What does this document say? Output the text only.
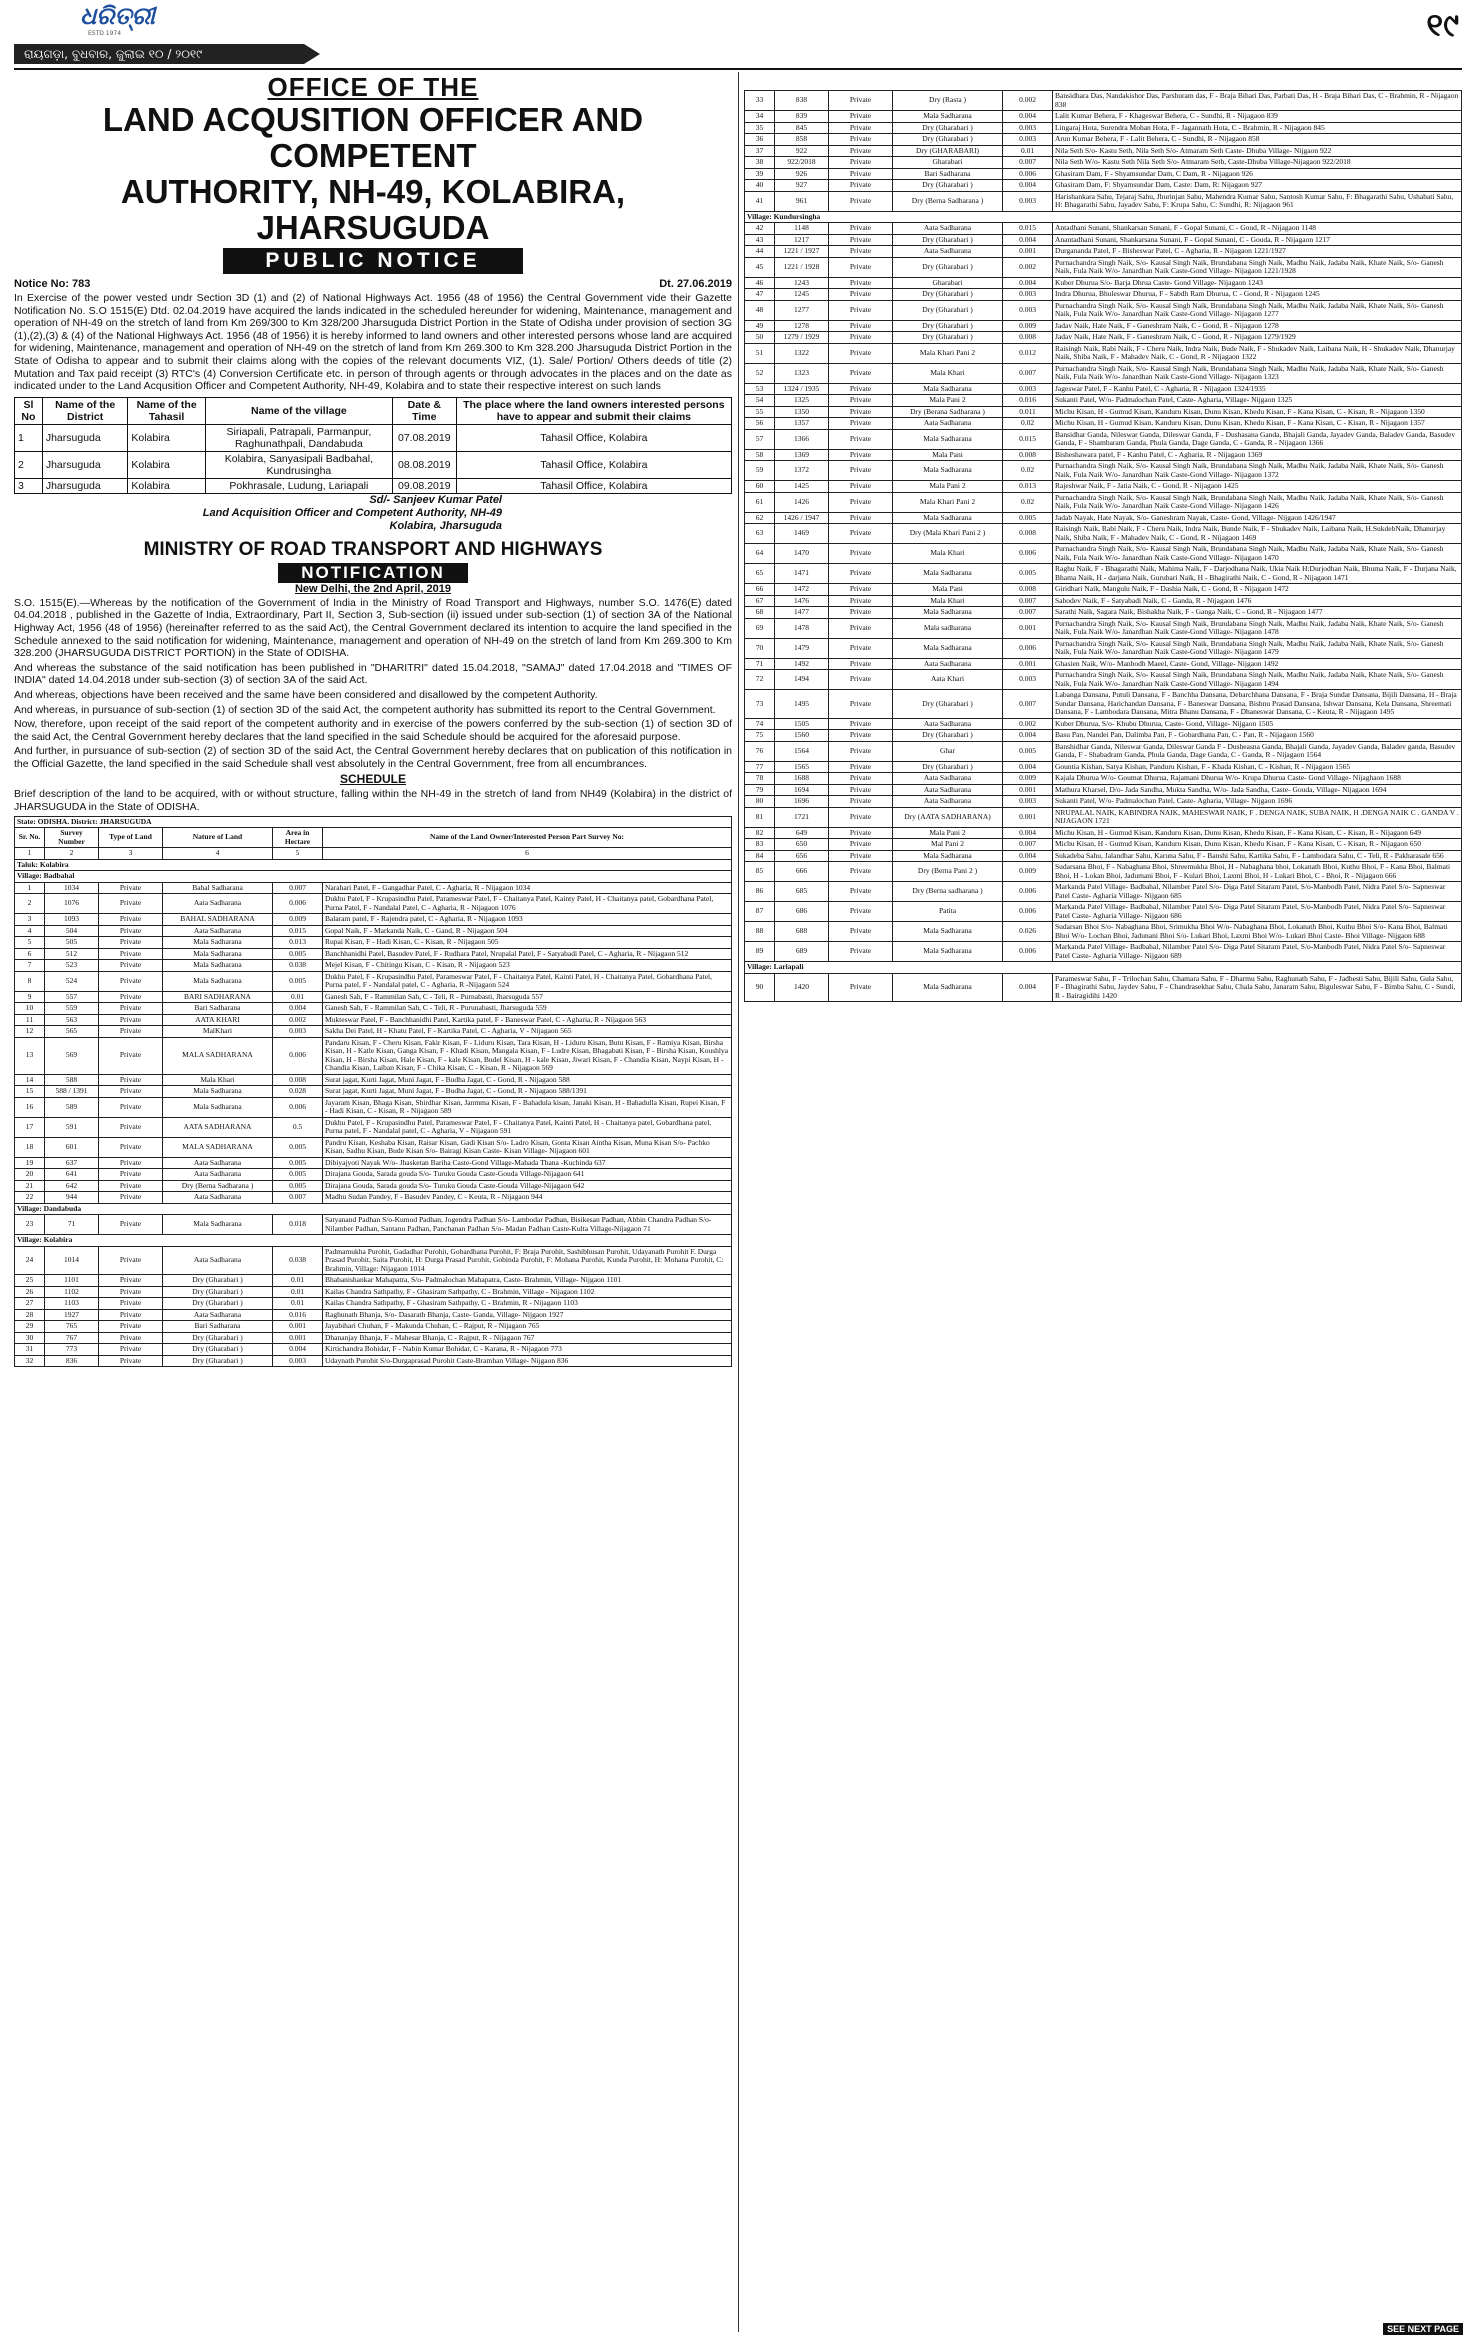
ଧରିତ୍ରୀ
ESTD 1974	୧୯
ରାୟଗଡ଼ା, ବୁଧବାର, ଜୁଲାଇ ୧୦ / ୨୦୧୯
OFFICE OF THE
LAND ACQUSITION OFFICER AND COMPETENT
AUTHORITY, NH-49, KOLABIRA, JHARSUGUDA
PUBLIC NOTICE
Notice No: 783	Dt. 27.06.2019
In Exercise of the power vested undr Section 3D (1) and (2) of National Highways Act. 1956 (48 of 1956) the Central Government vide their Gazette Notification No. S.O 1515(E) Dtd. 02.04.2019 have acquired the lands indicated in the scheduled hereunder for widening, Maintenance, management and operation of NH-49 on the stretch of land from Km 269/300 to Km 328/200 Jharsuguda District Portion in the State of Odisha under provision of section 3G (1),(2),(3) & (4) of the National Highways Act. 1956 (48 of 1956) it is hereby informed to land owners and other interested persons whose land are acquired for widening, Maintenance, management and operation of NH-49 on the stretch of land from Km 269.300 to Km 328.200 Jharsuguda District Portion in the State of Odisha to appear and to submit their claims along with the copies of the relevant documents VIZ, (1). Sale/ Portion/ Others deeds of title (2) Mutation and Tax paid receipt (3) RTC's (4) Conversion Certificate etc. in person of through agents or through advocates in the places and on the date as indicated under to the Land Acqusition Officer and Competent Authority, NH-49, Kolabira and to state their respective interest on such lands
Sl No	Name of the District	Name of the Tahasil	Name of the village	Date & Time	The place where the land owners interested persons have to appear and submit their claims
1	Jharsuguda	Kolabira	Siriapali, Patrapali, Parmanpur, Raghunathpali, Dandabuda	07.08.2019	Tahasil Office, Kolabira
2	Jharsuguda	Kolabira	Kolabira, Sanyasipali Badbahal, Kundrusingha	08.08.2019	Tahasil Office, Kolabira
3	Jharsuguda	Kolabira	Pokhrasale, Ludung, Lariapali	09.08.2019	Tahasil Office, Kolabira
Sd/- Sanjeev Kumar Patel
Land Acquisition Officer and Competent Authority, NH-49
Kolabira, Jharsuguda
MINISTRY OF ROAD TRANSPORT AND HIGHWAYS
NOTIFICATION
New Delhi, the 2nd April, 2019
S.O. 1515(E).—Whereas by the notification of the Government of India in the Ministry of Road Transport and Highways, number S.O. 1476(E) dated 04.04.2018 , published in the Gazette of India, Extraordinary, Part II, Section 3, Sub-section (ii) issued under sub-section (1) of section 3A of the National Highway Act, 1956 (48 of 1956) (hereinafter referred to as the said Act), the Central Government declared its intention to acquire the land specified in the Schedule annexed to the said notification for widening, Maintenance, management and operation of NH-49 on the stretch of land from Km 269.300 to Km 328.200 (JHARSUGUDA DISTRICT PORTION) in the State of ODISHA.
And whereas the substance of the said notification has been published in "DHARITRI" dated 15.04.2018, "SAMAJ" dated 17.04.2018 and "TIMES OF INDIA" dated 14.04.2018 under sub-section (3) of section 3A of the said Act.
And whereas, objections have been received and the same have been considered and disallowed by the competent Authority.
And whereas, in pursuance of sub-section (1) of section 3D of the said Act, the competent authority has submitted its report to the Central Government.
Now, therefore, upon receipt of the said report of the competent authority and in exercise of the powers conferred by the sub-section (1) of section 3D of the said Act, the Central Government hereby declares that the land specified in the said Schedule should be acquired for the aforesaid purpose.
And further, in pursuance of sub-section (2) of section 3D of the said Act, the Central Government hereby declares that on publication of this notification in the Official Gazette, the land specified in the said Schedule shall vest absolutely in the Central Government, free from all encumbrances.
SCHEDULE
Brief description of the land to be acquired, with or without structure, falling within the NH-49 in the stretch of land from NH49 (Kolabira) in the district of JHARSUGUDA in the State of ODISHA.
State: ODISHA. District: JHARSUGUDA					
Sr. No.	Survey Number	Type of Land	Nature of Land	Area in Hectare	Name of the Land Owner/Interested Person Part Survey No:
1	2	3	4	5	6
Taluk: Kolabira					
Village: Badbahal					
1	1034	Private	Bahal Sadharana	0.007	Narahari Patel, F - Gangadhar Patel, C - Agharia, R - Nijagaon 1034
2	1076	Private	Aata Sadharana	0.006	Dukhu Patel, F - Krupasindhu Patel, Parameswar Patel, F - Chaitanya Patel, Kainty Patel, H - Chaitanya patel, Gobardhana Patel, Purna Patel, F - Nandalal Patel, C - Agharia, R - Nijagaon 1076
3	1093	Private	BAHAL SADHARANA	0.009	Balaram patel, F - Rajendra patel, C - Agharia, R - Nijagaon 1093
4	504	Private	Aata Sadharana	0.015	Gopal Naik, F - Markanda Naik, C - Gand, R - Nijagaon 504
5	505	Private	Mala Sadharana	0.013	Rupai Kisan, F - Hadi Kisan, C - Kisan, R - Nijagaon 505
6	512	Private	Mala Sadharana	0.005	Banchhanidhi Patel, Basudev Patel, F - Rudhara Patel, Nrupalal Patel, F - Satyabadi Patel, C - Agharia, R - Nijagaon 512
7	523	Private	Mala Sadharana	0.038	Mejel Kisan, F - Chitingu Kisan, C - Kisan, R - Nijagaon 523
8	524	Private	Mala Sadharana	0.005	Dukhu Patel, F - Krupasindhu Patel, Parameswar Patel, F - Chaitanya Patel, Kainti Patel, H - Chaitanya Patel, Gobardhana Patel, Purna patel, F - Nandalal patel, C - Agharia, R -Nijagaon 524
9	557	Private	BARI SADHARANA	0.01	Ganesh Sah, F - Rammilan Sah, C - Teli, R - Purnabasti, Jharsuguda 557
10	559	Private	Bari Sadharana	0.004	Ganesh Sah, F - Rammilan Sah, C - Teli, R - Purunabasti, Jharsuguda 559
11	563	Private	AATA KHARI	0.002	Mukteswar Patel, F - Banchhanidhi Patel, Kartika patel, F - Baneswar Patel, C - Agharia, R - Nijagaon 563
12	565	Private	MalKhari	0.003	Sakha Dei Patel, H - Khatu Patel, F - Kartika Patel, C - Agharia, V - Nijagaon 565
13	569	Private	MALA SADHARANA	0.006	Pandaru Kisan, F - Cheru Kisan, Fakir Kisan, F - Liduru Kisan, Tara Kisan, H - Liduru Kisan, Butu Kisan, F - Ramiya Kisan, Birsha Kisan, H - Katle Kisan, Ganga Kisan, F - Khadi Kisan, Mangala Kisan, F - Ludre Kisan, Bhagabati Kisan, F - Birsha Kisan, Koushlya Kisan, H - Birsha Kisan, Hale Kisan, F - kale Kisan, Budel Kisan, H - kale Kisan, Jiwari Kisan, F - Chandia Kisan, Naypi Kisan, H - Chandia Kisan, Laiban Kisan, F - Chika Kisan, C - Kisan, R - Nijagaon 569
14	588	Private	Mala Khari	0.008	Surat jagat, Kurti Jagat, Muni Jagat, F - Budha Jagat, C - Gond, R - Nijagaon 588
15	588 / 1391	Private	Mala Sadharana	0.028	Surat jagat, Kurti Jagat, Muni Jagat, F - Budha Jagat, C - Gond, R - Nijagaon 588/1391
16	589	Private	Mala Sadharana	0.006	Jayaram Kisan, Bhaga Kisan, Shirdhar Kisan, Janmma Kisan, F - Bahadula kisan, Janaki Kisan, H - Bahadulla Kisan, Rupei Kisan, F - Hadi Kisan, C - Kisan, R - Nijagaon 589
17	591	Private	AATA SADHARANA	0.5	Dukhu Patel, F - Krupasindhu Patel, Parameswar Patel, F - Chaitanya Patel, Kainti Patel, H - Chaitanya patel, Gobardhana patel, Purna patel, F - Nandalal patel, C - Agharia, V - Nijagaon 591
18	601	Private	MALA SADHARANA	0.005	Pandru Kisan, Keshaba Kisan, Raisar Kisan, Gadi Kisan S/o- Ladro Kisan, Gonta Kisan Aintha Kisan, Muna Kisan S/o- Pachko Kisan, Sadhu Kisan, Bude Kisan S/o- Bairagi Kisan Caste- Kisan Village- Nijagaon 601
19	637	Private	Aata Sadharana	0.005	Dibiyajyoti Nayak W/o- Jhasketan Bariha Caste-Gond Village-Mahada Thana -Kuchinda 637
20	641	Private	Aata Sadharana	0.005	Dirajana Gouda, Sarada gouda S/o- Turuku Gouda Caste-Gouda Village-Nijagaon 641
21	642	Private	Dry (Berna Sadharana )	0.005	Dirajana Gouda, Sarada gouda S/o- Turuku Gouda Caste-Gouda Village-Nijagaon 642
22	944	Private	Aata Sadharana	0.007	Madhu Sudan Pandey, F - Basudev Pandey, C - Keuta, R - Nijagaon 944
Village: Dandabuda					
23	71	Private	Mala Sadharana	0.018	Satyanand Padhan S/o-Kumod Padhan, Jogendra Padhan S/o- Lambodar Padhan, Bisikesan Padhan, Abhin Chandra Padhan S/o- Nilamber Padhan, Santanu Padhan, Panchanan Padhan S/o- Madan Padhan Caste-Kulta Village-Nijagaon 71
Village: Kolabira					
24	1014	Private	Aata Sadharana	0.038	Padmamukha Purohit, Gadadhar Purohit, Gobardhana Purohit, F: Braja Purohit, Sashibhusan Purohit, Udayanath Purohit F. Durga Prasad Purohit, Saita Purohit, H: Durga Prasad Purohit, Gobinda Purohit, F: Mohana Purohit, Kunda Purohit, H: Mohana Purohit, C: Brahmin, Village: Nijagaon 1014
25	1101	Private	Dry (Gharabari )	0.01	Bhabanishankar Mahapatra, S/o- Padmalochan Mahapatra, Caste- Brahmin, Village- Nijgaon 1101
26	1102	Private	Dry (Gharabari )	0.01	Kailas Chandra Sathpathy, F - Ghasiram Sathpathy, C - Brahmin, Village - Nijagaon 1102
27	1103	Private	Dry (Gharabari )	0.01	Kailas Chandra Sathpathy, F - Ghasiram Sathpathy, C - Brahmin, R - Nijagaon 1103
28	1927	Private	Aata Sadharana	0.016	Raghunath Bhanja, S/o- Dasarath Bhanja, Caste- Ganda, Village- Nijgaon 1927
29	765	Private	Bari Sadharana	0.001	Jayabihari Chuhan, F - Makunda Chuhan, C - Rajput, R - Nijagaon 765
30	767	Private	Dry (Gharabari )	0.001	Dhananjay Bhanja, F - Mahesar Bhanja, C - Rajput, R - Nijagaon 767
31	773	Private	Dry (Gharabari )	0.004	Kirtichandra Bohidar, F - Nabin Kumar Bohidar, C - Karana, R - Nijagaon 773
32	836	Private	Dry (Gharabari )	0.003	Udaynath Purohit S/o-Durgaprasad Purohit Caste-Bramhan Village- Nijgaon 836
33	838	Private	Dry (Rasta )	0.002	Bansidhara Das, Nandakishor Das, Parshuram das, F - Braja Bihari Das, Parbati Das, H - Braja Bihari Das, C - Brahmin, R - Nijagaon 838
34	839	Private	Mala Sadharana	0.004	Lalit Kumar Behera, F - Khageswar Behera, C - Sundhi, R - Nijagaon 839
35	845	Private	Dry (Gharabari )	0.003	Lingaraj Hota, Surendra Mohan Hota, F - Jagannath Hota, C - Brahmin, R - Nijagaon 845
36	858	Private	Dry (Gharabari )	0.003	Arun Kumar Behera, F - Lalit Behera, C - Sundhi, R - Nijagaon 858
37	922	Private	Dry (GHARABARI)	0.01	Nila Seth S/o- Kastu Seth, Nila Seth S/o- Atmaram Seth Caste- Dhuba Village- Nijgaon 922
38	922/2018	Private	Gharabari	0.007	Nila Seth W/o- Kastu Seth Nila Seth S/o- Atmaram Seth, Caste-Dhuba Village-Nijagaon 922/2018
39	926	Private	Bari Sadharana	0.006	Ghasiram Dam, F - Shyamsundar Dam, C Dam, R - Nijagaon 926
40	927	Private	Dry (Gharabari )	0.004	Ghasiram Dam, F: Shyamsundar Dam, Caste: Dam, R: Nijagaon 927
41	961	Private	Dry (Berna Sadharana )	0.003	Harishankara Sahu, Tejaraj Sahu, Jhurinjan Sahu, Mahendra Kumar Sahu, Santosh Kumar Sahu, F: Bhagarathi Sahu, Ushabati Sahu, H: Bhagarathi Sahu, Jayadev Sahu, F: Krupa Sahu, C: Sundhi, R: Nijagaon 961
Village: Kundursingha					
42	1148	Private	Aata Sadharana	0.015	Antadhani Sunani, Shankarsan Sunani, F - Gopal Sunani, C - Goud, R - Nijagaon 1148
43	1217	Private	Dry (Gharabari )	0.004	Anantadhani Sunani, Shankarsana Sunani, F - Gopal Sunani, C - Gouda, R - Nijagaon 1217
44	1221 / 1927	Private	Aata Sadharana	0.001	Durgananda Patel, F - Bisheswar Patel, C - Agharia, R - Nijagaon 1221/1927
45	1221 / 1928	Private	Dry (Gharabari )	0.002	Purnachandra Singh Naik, S/o- Kausal Singh Naik, Brundabana Singh Naik, Madhu Naik, Jadaba Naik, Khate Naik, S/o- Ganesh Naik, Fula Naik W/o- Janardhan Naik Caste-Gond Village- Nijagaon 1221/1928
46	1243	Private	Gharabari	0.004	Kuber Dhurua S/o- Barja Dhrua Caste- Gond Village- Nijagaon 1243
47	1245	Private	Dry (Gharabari )	0.003	Indra Dhurua, Bhuleswar Dhurua, F - Sabdh Ram Dhurua, C - Gond, R - Nijagaon 1245
48	1277	Private	Dry (Gharabari )	0.003	Purnachandra Singh Naik, S/o- Kausal Singh Naik, Brundabana Singh Naik, Madhu Naik, Jadaba Naik, Khate Naik, S/o- Ganesh Naik, Fula Naik W/o- Janardhan Naik Caste-Gond Village- Nijagaon 1277
49	1278	Private	Dry (Gharabari )	0.009	Jadav Naik, Hate Naik, F - Ganeshram Naik, C - Gond, R - Nijagaon 1278
50	1279 / 1929	Private	Dry (Gharabari )	0.008	Jadav Naik, Hate Naik, F - Ganeshram Naik, C - Gond, R - Nijagaon 1279/1929
51	1322	Private	Mala Khari Pani 2	0.012	Raisingh Naik, Rabi Naik, F - Cheru Naik, Indra Naik, Bude Naik, F - Shukadev Naik, Laibana Naik, H - Shukadev Naik, Dhanurjay Naik, Shiba Naik, F - Mahadev Naik, C - Gond, R - Nijagaon 1322
52	1323	Private	Mala Khari	0.007	Purnachandra Singh Naik, S/o- Kausal Singh Naik, Brundabana Singh Naik, Madhu Naik, Jadaba Naik, Khate Naik, S/o- Ganesh Naik, Fula Naik W/o- Janardhan Naik Caste-Gond Village- Nijagaon 1323
53	1324 / 1935	Private	Mala Sadharana	0.003	Jageswar Patel, F - Kanhu Patel, C - Agharia, R - Nijagaon 1324/1935
54	1325	Private	Mala Pani 2	0.016	Sukanti Patel, W/o- Padmalochan Patel, Caste- Agharia, Village- Nijgaon 1325
55	1350	Private	Dry (Berana Sadharana )	0.011	Michu Kisan, H - Gumud Kisan, Kanduru Kisan, Dunu Kisan, Khedu Kisan, F - Kana Kisan, C - Kisan, R - Nijagaon 1350
56	1357	Private	Aata Sadharana	0.02	Michu Kisan, H - Gumud Kisan, Kanduru Kisan, Dunu Kisan, Khedu Kisan, F - Kana Kisan, C - Kisan, R - Nijagaon 1357
57	1366	Private	Mala Sadharana	0.015	Bansidhar Ganda, Nileswar Ganda, Dileswar Ganda, F - Dushasana Ganda, Bhajali Ganda, Jayadev Ganda, Baladev Ganda, Basudev Ganda, F - Shambaram Ganda, Phula Ganda, Dage Ganda, C - Ganda, R - Nijagaon 1366
58	1369	Private	Mala Pani	0.008	Bisheshawara patel, F - Kanhu Patel, C - Agharia, R - Nijagaon 1369
59	1372	Private	Mala Sadharana	0.02	Purnachandra Singh Naik, S/o- Kausal Singh Naik, Brundabana Singh Naik, Madhu Naik, Jadaba Naik, Khate Naik, S/o- Ganesh Naik, Fula Naik W/o- Janardhan Naik Caste-Gond Village- Nijagaon 1372
60	1425	Private	Mala Pani 2	0.013	Rajeshwar Naik, F - Jatia Naik, C - Gond, R - Nijagaon 1425
61	1426	Private	Mala Khari Pani 2	0.02	Purnachandra Singh Naik, S/o- Kausal Singh Naik, Brundabana Singh Naik, Madhu Naik, Jadaba Naik, Khate Naik, S/o- Ganesh Naik, Fula Naik W/o- Janardhan Naik Caste-Gond Village- Nijagaon 1426
62	1426 / 1947	Private	Mala Sadharana	0.005	Jadab Nayak, Hate Nayak, S/o- Ganeshram Nayak, Caste- Gond, Village- Nijgaon 1426/1947
63	1469	Private	Dry (Mala Khari Pani 2 )	0.008	Raisingh Naik, Rabi Naik, F - Cheru Naik, Indra Naik, Bunde Naik, F - Shukadev Naik, Laibana Naik, H.SukdebNaik, Dhanurjay Naik, Shiba Naik, F - Mahadev Naik, C - Gond, R - Nijagaon 1469
64	1470	Private	Mala Khari	0.006	Purnachandra Singh Naik, S/o- Kausal Singh Naik, Brundabana Singh Naik, Madhu Naik, Jadaba Naik, Khate Naik, S/o- Ganesh Naik, Fula Naik W/o- Janardhan Naik Caste-Gond Village- Nijagaon 1470
65	1471	Private	Mala Sadharana	0.005	Raghu Naik, F - Bhagarathi Naik, Mahima Naik, F - Darjodhana Naik, Ukia Naik H:Durjodhan Naik, Bhuma Naik, F - Durjana Naik, Bhama Naik, H - darjana Naik, Gurubari Naik, H - Bhagirathi Naik, C - Gond, R - Nijagaon 1471
66	1472	Private	Mala Pani	0.008	Giridhari Naik, Mangulu Naik, F - Dashia Naik, C - Gond, R - Nijagaon 1472
67	1476	Private	Mala Khari	0.007	Sahodev Naik, F - Satyabadi Naik, C - Ganda, R - Nijagaon 1476
68	1477	Private	Mala Sadharana	0.007	Sarathi Naik, Sagara Naik, Bishakha Naik, F - Ganga Naik, C - Gond, R - Nijagaon 1477
69	1478	Private	Mala sadharana	0.001	Purnachandra Singh Naik, S/o- Kausal Singh Naik, Brundabana Singh Naik, Madhu Naik, Jadaba Naik, Khate Naik, S/o- Ganesh Naik, Fula Naik W/o- Janardhan Naik Caste-Gond Village- Nijagaon 1478
70	1479	Private	Mala Sadharana	0.006	Purnachandra Singh Naik, S/o- Kausal Singh Naik, Brundabana Singh Naik, Madhu Naik, Jadaba Naik, Khate Naik, S/o- Ganesh Naik, Fula Naik W/o- Janardhan Naik Caste-Gond Village- Nijagaon 1479
71	1492	Private	Aata Sadharana	0.001	Ghasien Naik, W/o- Manbodh Maeel, Caste- Gond, Village- Nijgaon 1492
72	1494	Private	Aata Khari	0.003	Purnachandra Singh Naik, S/o- Kausal Singh Naik, Brundabana Singh Naik, Madhu Naik, Jadaba Naik, Khate Naik, S/o- Ganesh Naik, Fula Naik W/o- Janardhan Naik Caste-Gond Village- Nijagaon 1494
73	1495	Private	Dry (Gharabari )	0.007	Labanga Dansana, Putuli Dansana, F - Banchha Dansana, Debarchhana Dansana, F - Braja Sundar Dansana, Bijili Dansana, H - Braja Sundar Dansana, Harichandan Dansana, F - Baneswar Dansana, Bishnu Prasad Dansana, Ishwar Dansana, Kela Dansana, Shreemati Dansana, F - Lambodara Dansana, Mitra Bhanu Dansana, F - Dhaneswar Dansana, C - Keuta, R - Nijagaon 1495
74	1505	Private	Aata Sadharana	0.002	Kuber Dhurua, S/o- Khubu Dhurua, Caste- Gond, Village- Nijgaon 1505
75	1560	Private	Dry (Gharabari )	0.004	Basu Pan, Nandei Pan, Dalimba Pan, F - Gobardhana Pan, C - Pan, R - Nijagaon 1560
76	1564	Private	Ghar	0.005	Banshidhar Ganda, Nileswar Ganda, Dileswar Ganda F - Dusheasna Ganda, Bhajali Ganda, Jayadev Ganda, Baladev ganda, Basudev Ganda, F - Shabadram Ganda, Phula Ganda, Dage Ganda, C - Ganda, R - Nijagaon 1564
77	1565	Private	Dry (Gharabari )	0.004	Gountia Kishan, Satya Kishan, Panduru Kishan, F - Khada Kishan, C - Kishan, R - Nijagaon 1565
78	1688	Private	Aata Sadharana	0.009	Kajala Dhurua W/o- Goumat Dhurua, Rajamani Dhurua W/o- Krupa Dhurua Caste- Gond Village- Nijaghaon 1688
79	1694	Private	Aata Sadharana	0.001	Mathura Kharsel, D/o- Jada Sandha, Mukta Sandha, W/o- Jada Sandha, Caste- Gouda, Village- Nijagaon 1694
80	1696	Private	Aata Sadharana	0.003	Sukanti Patel, W/o- Padmalochan Patel, Caste- Agharia, Village- Nijgaon 1696
81	1721	Private	Dry (AATA SADHARANA)	0.001	NRUPALAL NAIK, KABINDRA NAIK, MAHESWAR NAIK, F . DENGA NAIK, SUBA NAIK, H .DENGA NAIK C . GANDA V . NIJAGAON 1721
82	649	Private	Mala Pani 2	0.004	Michu Kisan, H - Gumud Kisan, Kanduru Kisan, Dunu Kisan, Khedu Kisan, F - Kana Kisan, C - Kisan, R - Nijagaon 649
83	650	Private	Mal Pani 2	0.007	Michu Kisan, H - Gumud Kisan, Kanduru Kisan, Dunu Kisan, Khedu Kisan, F - Kana Kisan, C - Kisan, R - Nijagaon 650
84	656	Private	Mala Sadharana	0.004	Sukadeba Sahu, Jalandhar Sahu, Karuna Sahu, F - Banshi Sahu, Kartika Sahu, F - Lambodara Sahu, C - Teli, R - Pakharasale 656
85	666	Private	Dry (Berna Pani 2 )	0.009	Sudarsana Bhoi, F - Nabaghana Bhoi, Shreemukha Bhoi, H - Nabaghana bhoi, Lokanath Bhoi, Kuthu Bhoi, F - Kana Bhoi, Balmati Bhoi, H - Lokan Bhoi, Jadumani Bhoi, F - Kulari Bhoi, Laxmi Bhoi, H - Lukari Bhoi, C - Bhoi, R - Nijagaon 666
86	685	Private	Dry (Berna sadharana )	0.006	Markanda Patel Village- Badbahal, Nilamber Patel S/o- Diga Patel Sitaram Patel, S/o-Manbodh Patel, Nidra Patel S/o- Sapneswar Patel Caste- Agharia Village- Nijgaon 685
87	686	Private	Patita	0.006	Markanda Patel Village- Badbahal, Nilamber Patel S/o- Diga Patel Sitaram Patel, S/o-Manbodh Patel, Nidra Patel S/o- Sapneswar Patel Caste- Agharia Village- Nijgaon 686
88	688	Private	Mala Sadharana	0.026	Sudarsan Bhoi S/o- Nabaghana Bhoi, Srimukha Bhoi W/o- Nabaghana Bhoi, Lokanath Bhoi, Kuthu Bhoi S/o- Kana Bhoi, Balmati Bhoi W/o- Lochan Bhoi, Jadunani Bhoi S/o- Lukari Bhoi, Laxmi Bhoi W/o- Lukari Bhoi Caste- Bhoi Village- Nijgaon 688
89	689	Private	Mala Sadharana	0.006	Markanda Patel Village- Badbahal, Nilamber Patel S/o- Diga Patel Sitaram Patel, S/o-Manbodh Patel, Nidra Patel S/o- Sapneswar Patel Caste- Agharia Village- Nijgaon 689
Village: Lariapali					
90	1420	Private	Mala Sadharana	0.004	Parameswar Sahu, F - Trilochan Sahu, Chamara Sahu, F - Dharmu Sahu, Raghunath Sahu, F - Jadhesti Sahu, Bijili Sahu, Gula Sahu, F - Bhagirathi Sahu, Jaydev Sahu, F - Chandrasekhar Sahu, Chala Sahu, Janaram Sahu, Biguleswar Sahu, F - Bimba Sahu, C - Sundi, R - Bairagidihi 1420
SEE NEXT PAGE
